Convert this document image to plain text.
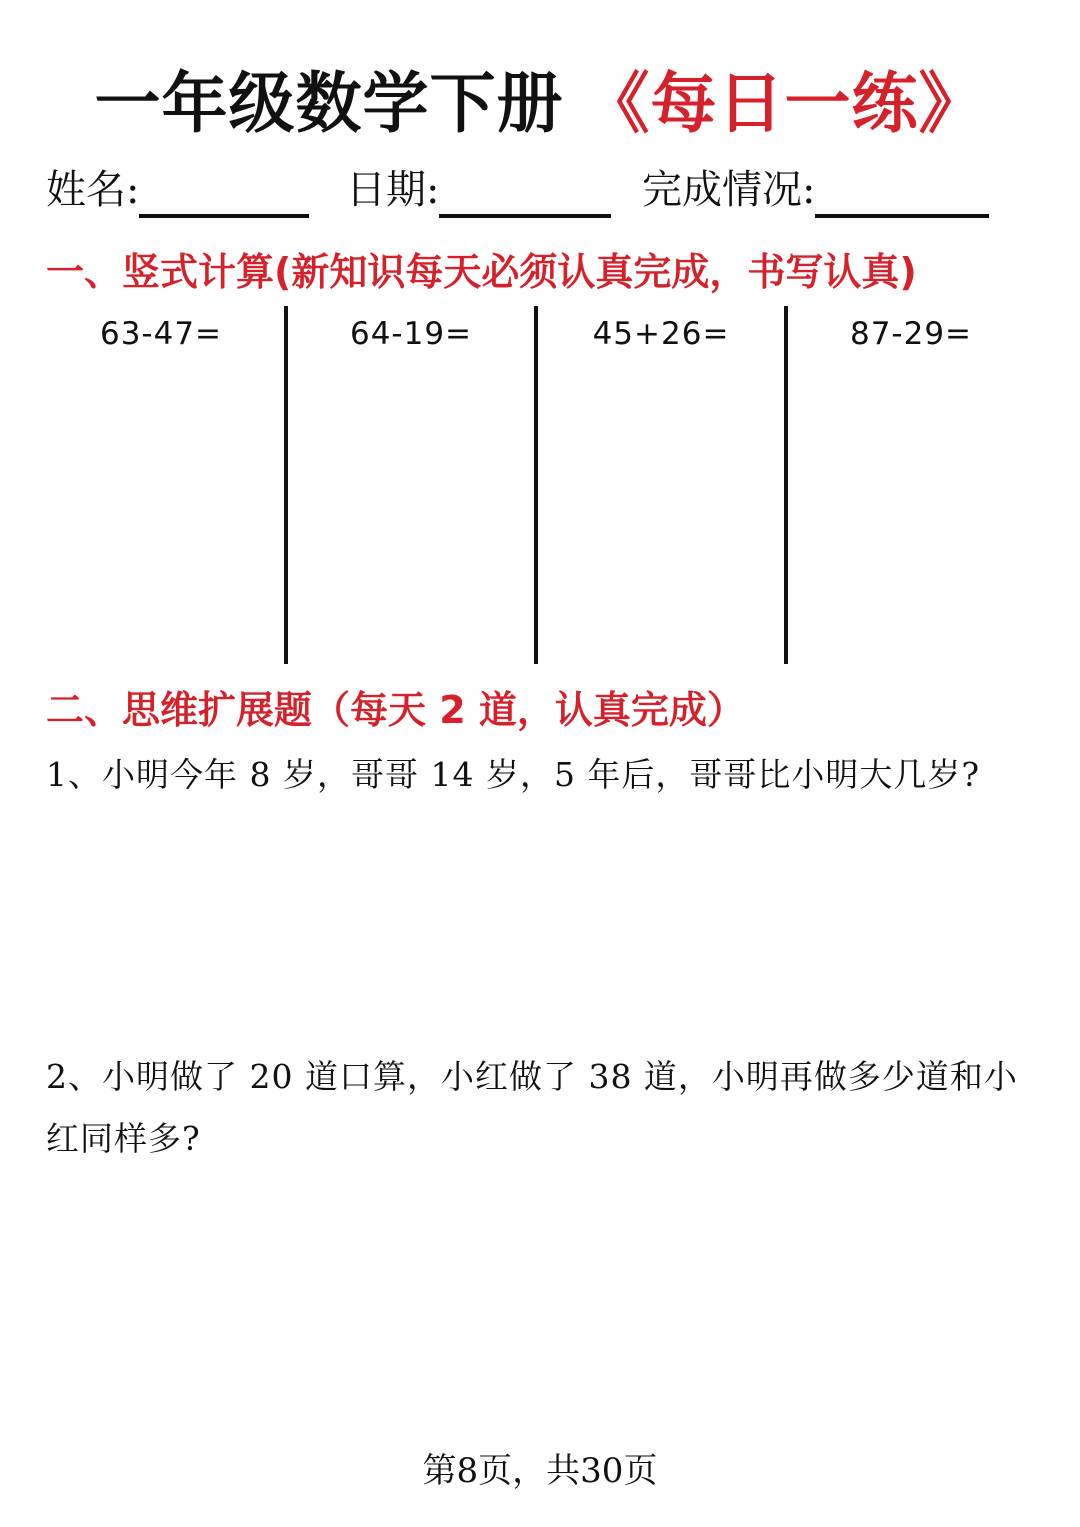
一年级数学下册 《每日一练》
姓名:	日期:	完成情况:
一、竖式计算(新知识每天必须认真完成，书写认真)
63-47=	64-19=	45+26=	87-29=
二、思维扩展题（每天 2 道，认真完成）
1、小明今年 8 岁，哥哥 14 岁，5 年后，哥哥比小明大几岁?
2、小明做了 20 道口算，小红做了 38 道，小明再做多少道和小红同样多?
第8页，共30页
